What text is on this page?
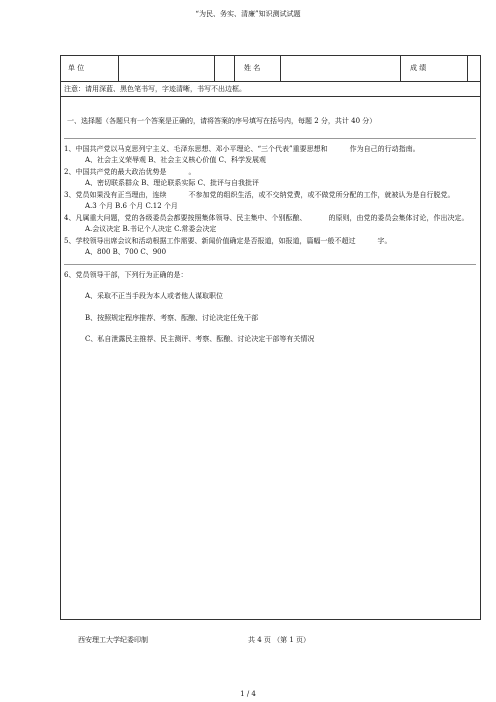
“为民、务实、清廉”知识测试试题
单 位	姓 名	成 绩
注意：请用深蓝、黑色笔书写，字迹清晰，书写不出边框。

一、选择题（各题只有一个答案是正确的，请将答案的序号填写在括号内，每题 2 分，共计 40 分）

1、中国共产党以马克思列宁主义、毛泽东思想、邓小平理论、“三个代表”重要思想和	作为自己的行动指南。

A、社会主义荣辱观 B、社会主义核心价值 C、科学发展观

2、中国共产党的最大政治优势是	。

A、密切联系群众 B、理论联系实际 C、批评与自我批评

3、党员如果没有正当理由，连续	不参加党的组织生活，或不交纳党费，或不做党所分配的工作，就被认为是自行脱党。

A.3 个月 B.6 个月 C.12 个月

4、凡属重大问题，党的各级委员会都要按照集体领导、民主集中、个别酝酿、	的原则，由党的委员会集体讨论，作出决定。

A.会议决定 B.书记个人决定 C.常委会决定

5、学校领导出席会议和活动根据工作需要、新闻价值确定是否报道，如报道，篇幅一般不超过	字。

A、800 B、700 C、900

6、党员领导干部，下列行为正确的是：

A、采取不正当手段为本人或者他人谋取职位

B、按照规定程序推荐、考察、酝酿、讨论决定任免干部

C、私自泄露民主推荐、民主测评、考察、酝酿、讨论决定干部等有关情况

西安理工大学纪委印制	共 4 页 （第 1 页）
1 / 4
